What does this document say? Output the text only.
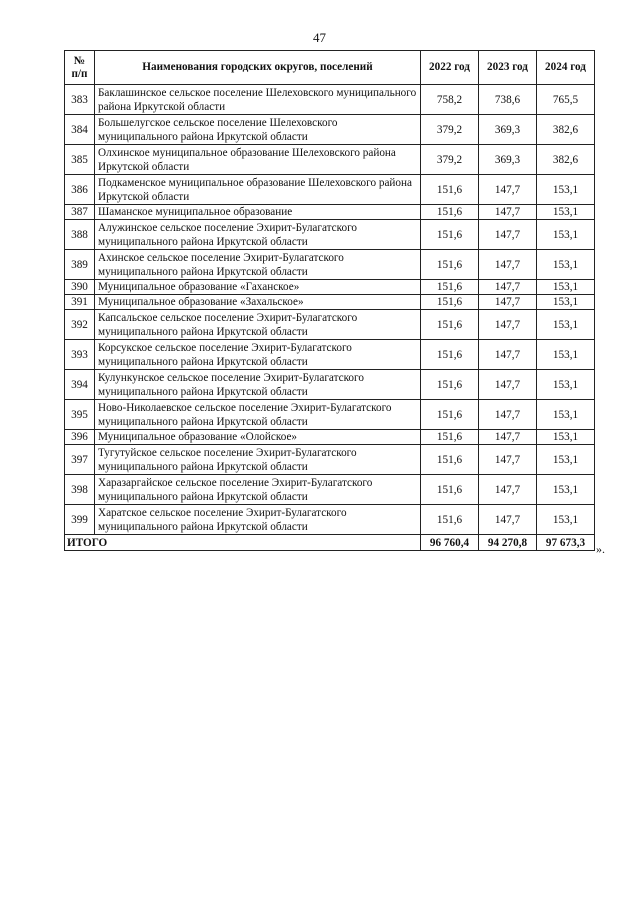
47
№
п/п	Наименования городских округов, поселений	2022 год	2023 год	2024 год
383	Баклашинское сельское поселение Шелеховского муниципального района Иркутской области	758,2	738,6	765,5
384	Большелугское сельское поселение Шелеховского муниципального района Иркутской области	379,2	369,3	382,6
385	Олхинское муниципальное образование Шелеховского района Иркутской области	379,2	369,3	382,6
386	Подкаменское муниципальное образование Шелеховского района Иркутской области	151,6	147,7	153,1
387	Шаманское муниципальное образование	151,6	147,7	153,1
388	Алужинское сельское поселение Эхирит-Булагатского муниципального района Иркутской области	151,6	147,7	153,1
389	Ахинское сельское поселение Эхирит-Булагатского муниципального района Иркутской области	151,6	147,7	153,1
390	Муниципальное образование «Гаханское»	151,6	147,7	153,1
391	Муниципальное образование «Захальское»	151,6	147,7	153,1
392	Капсальское сельское поселение Эхирит-Булагатского муниципального района Иркутской области	151,6	147,7	153,1
393	Корсукское сельское поселение Эхирит-Булагатского муниципального района Иркутской области	151,6	147,7	153,1
394	Кулункунское сельское поселение Эхирит-Булагатского муниципального района Иркутской области	151,6	147,7	153,1
395	Ново-Николаевское сельское поселение Эхирит-Булагатского муниципального района Иркутской области	151,6	147,7	153,1
396	Муниципальное образование «Олойское»	151,6	147,7	153,1
397	Тугутуйское сельское поселение Эхирит-Булагатского муниципального района Иркутской области	151,6	147,7	153,1
398	Харазаргайское сельское поселение Эхирит-Булагатского муниципального района Иркутской области	151,6	147,7	153,1
399	Харатское сельское поселение Эхирит-Булагатского муниципального района Иркутской области	151,6	147,7	153,1
ИТОГО		96 760,4	94 270,8	97 673,3 ».
